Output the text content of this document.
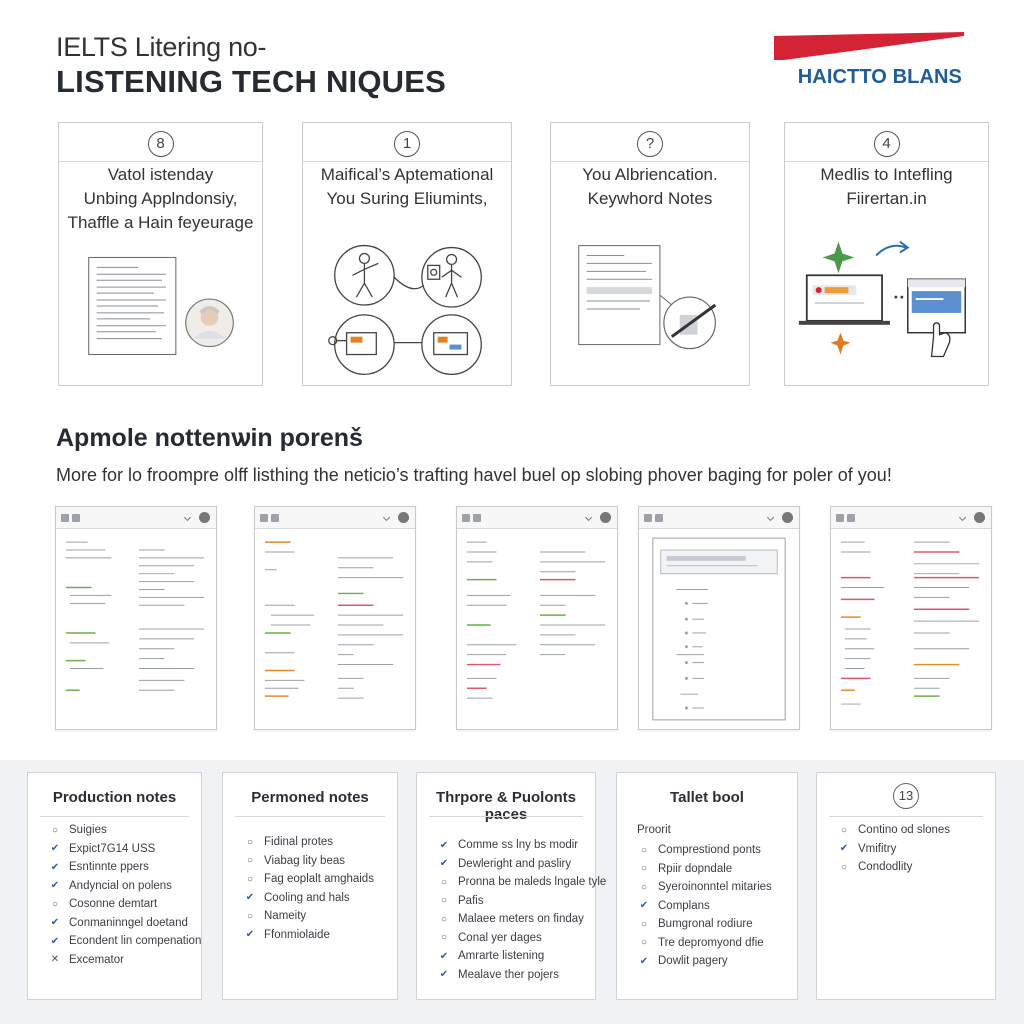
IELTS Litering no-
LISTENING TECH NIQUES	HAICTTO BLANS
8
Vatol istenday
Unbing Applndonsiy,
Thaffle a Hain feyeurage
1
Maifical’s Aptemational
You Suring Eliumints,
?
You Albriencation.
Keywhord Notes
4
Medlis to Intefling
Fiirertan.in
Apmole nottenѡin porenš
More for lo froompre olff listhing the neticio’s trafting havel buel op slobing phover baging for poler of you!
Production notes
○ Suigies
✔ Expict7G14 USS
✔ Esntinnte ppers
✔ Andyncial on polens
○ Cosonne demtart
✔ Conmaninngel doetand
✔ Econdent lin compenation
✕ Excemator
Permoned notes
○ Fidinal protes
○ Viabag lity beas
○ Fag eoplalt amghaids
✔ Cooling and hals
○ Nameity
✔ Ffonmiolaide
Thrpore & Puolonts paces
✔ Comme ss lny bs modir
✔ Dewleright and pasliry
○ Pronna be maleds lngale tyle
○ Pafis
○ Malaee meters on finday
○ Conal yer dages
✔ Amrarte listening
✔ Mealave ther pojers
Tallet bool
Proorit
○ Comprestiond ponts
○ Rpiir dopndale
○ Syeroinonntel mitaries
✔ Complans
○ Bumgronal rodiure
○ Tre depromyond dfie
✔ Dowlit pagery
13
○ Contino od slones
✔ Vmifitry
○ Condodlity
